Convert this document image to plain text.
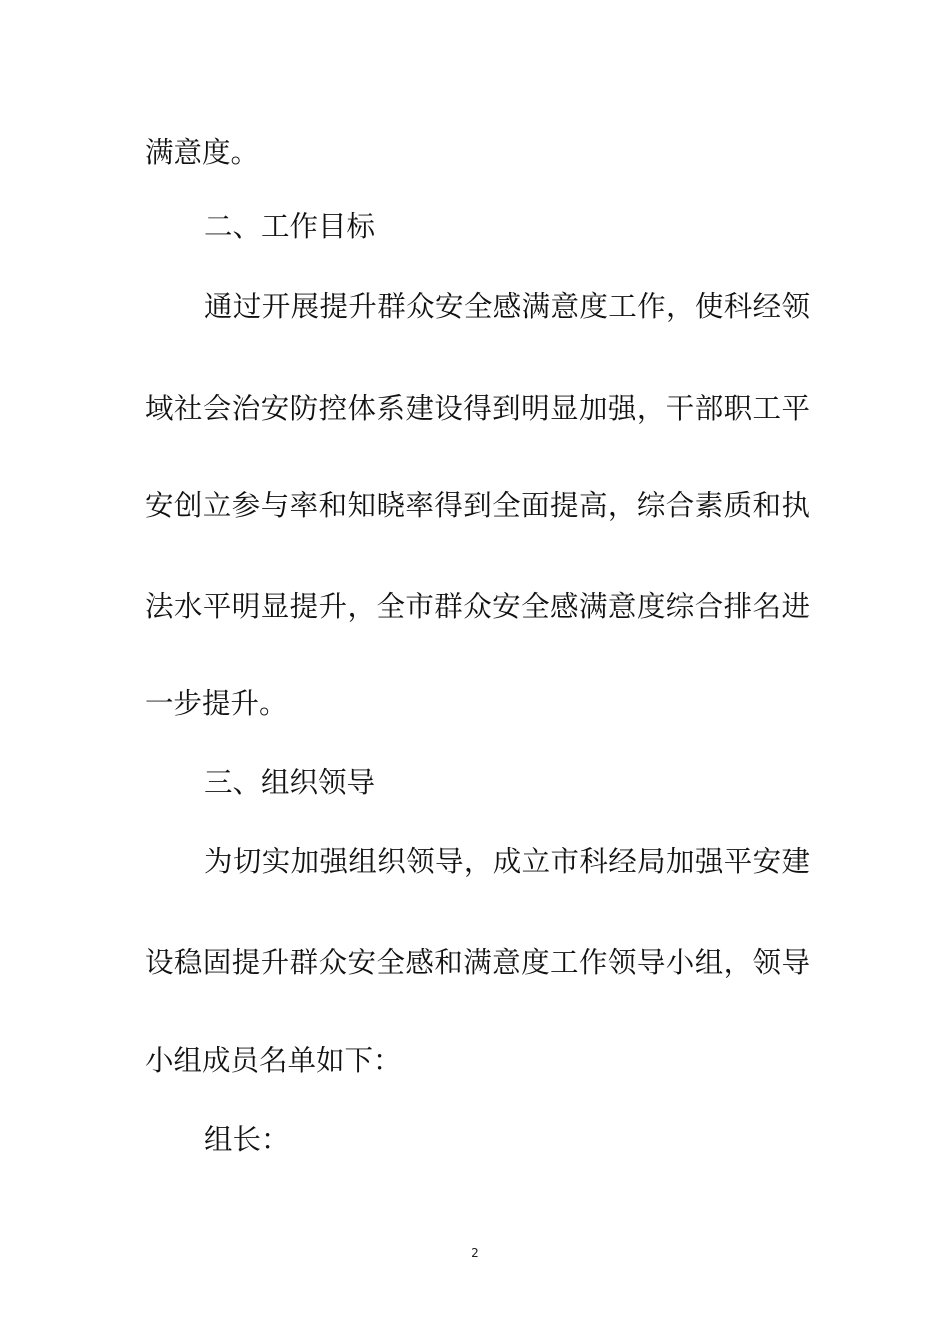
满意度。
二、工作目标
通过开展提升群众安全感满意度工作，使科经领
域社会治安防控体系建设得到明显加强，干部职工平
安创立参与率和知晓率得到全面提高，综合素质和执
法水平明显提升，全市群众安全感满意度综合排名进
一步提升。
三、组织领导
为切实加强组织领导，成立市科经局加强平安建
设稳固提升群众安全感和满意度工作领导小组，领导
小组成员名单如下：
组长：
2
